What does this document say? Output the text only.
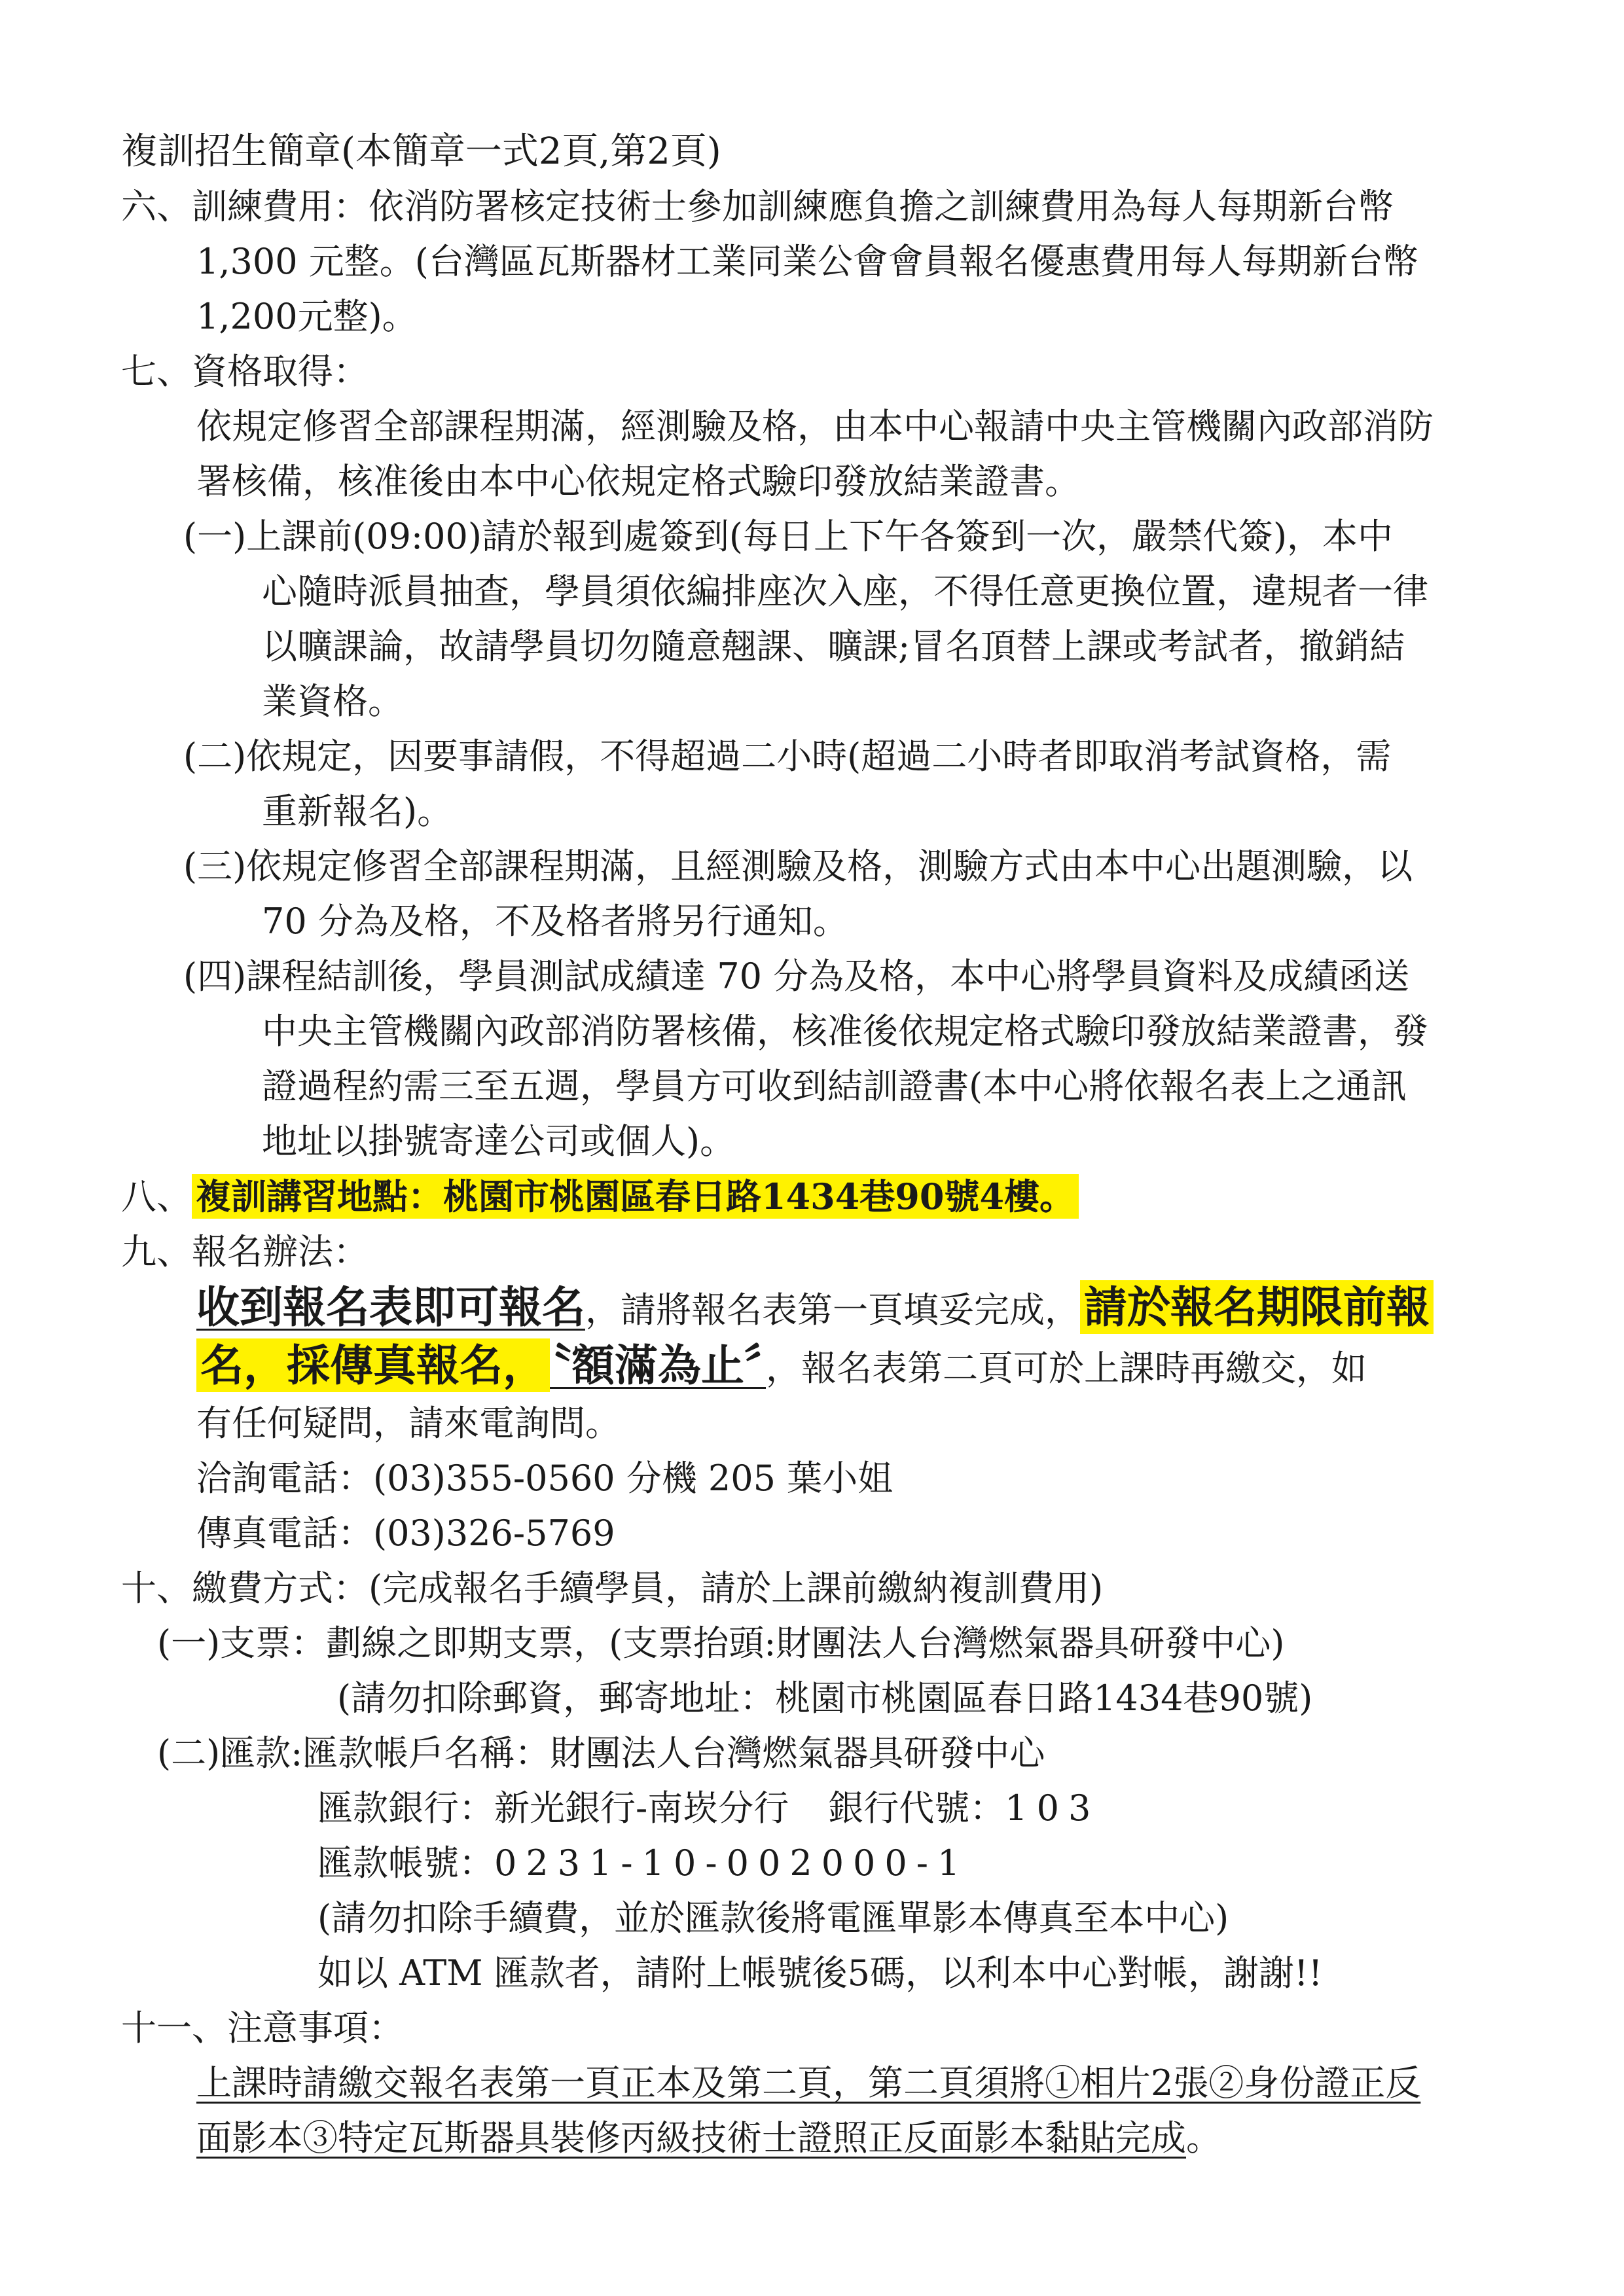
複訓招生簡章(本簡章一式2頁,第2頁)
六、訓練費用：依消防署核定技術士參加訓練應負擔之訓練費用為每人每期新台幣
1,300 元整。(台灣區瓦斯器材工業同業公會會員報名優惠費用每人每期新台幣
1,200元整)。
七、資格取得：
依規定修習全部課程期滿，經測驗及格，由本中心報請中央主管機關內政部消防
署核備，核准後由本中心依規定格式驗印發放結業證書。
(一)上課前(09:00)請於報到處簽到(每日上下午各簽到一次，嚴禁代簽)，本中
心隨時派員抽查，學員須依編排座次入座，不得任意更換位置，違規者一律
以曠課論，故請學員切勿隨意翹課、曠課;冒名頂替上課或考試者，撤銷結
業資格。
(二)依規定，因要事請假，不得超過二小時(超過二小時者即取消考試資格，需
重新報名)。
(三)依規定修習全部課程期滿，且經測驗及格，測驗方式由本中心出題測驗，以
70 分為及格，不及格者將另行通知。
(四)課程結訓後，學員測試成績達 70 分為及格，本中心將學員資料及成績函送
中央主管機關內政部消防署核備，核准後依規定格式驗印發放結業證書，發
證過程約需三至五週，學員方可收到結訓證書(本中心將依報名表上之通訊
地址以掛號寄達公司或個人)。
八、 複訓講習地點：桃園市桃園區春日路1434巷90號4樓。
九、報名辦法：
收到報名表即可報名，請將報名表第一頁填妥完成，請於報名期限前報
名，採傳真報名，〝額滿為止〞，報名表第二頁可於上課時再繳交，如
有任何疑問，請來電詢問。
洽詢電話：(03)355-0560 分機 205 葉小姐
傳真電話：(03)326-5769
十、繳費方式：(完成報名手續學員，請於上課前繳納複訓費用)
(一)支票：劃線之即期支票，(支票抬頭:財團法人台灣燃氣器具研發中心)
(請勿扣除郵資，郵寄地址：桃園市桃園區春日路1434巷90號)
(二)匯款:匯款帳戶名稱：財團法人台灣燃氣器具研發中心
匯款銀行：新光銀行-南崁分行 銀行代號：103
匯款帳號：0231-10-002000-1
(請勿扣除手續費，並於匯款後將電匯單影本傳真至本中心)
如以 ATM 匯款者，請附上帳號後5碼，以利本中心對帳，謝謝!!
十一、注意事項：
上課時請繳交報名表第一頁正本及第二頁，第二頁須將①相片2張②身份證正反
面影本③特定瓦斯器具裝修丙級技術士證照正反面影本黏貼完成。
